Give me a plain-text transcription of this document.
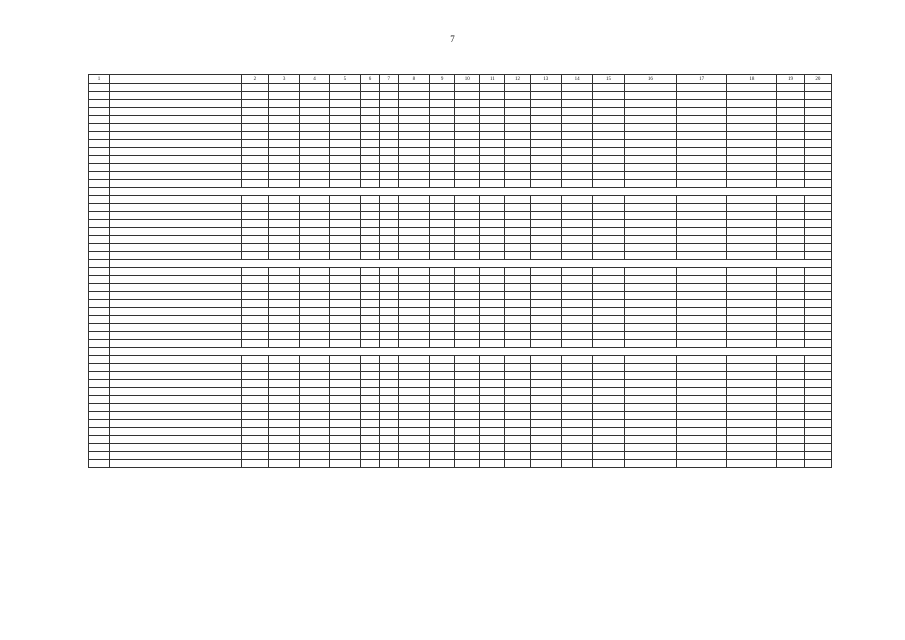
7
1		2	3	4	5	6	7	8	9	10	11	12	13	14	15	16	17	18	19	20
